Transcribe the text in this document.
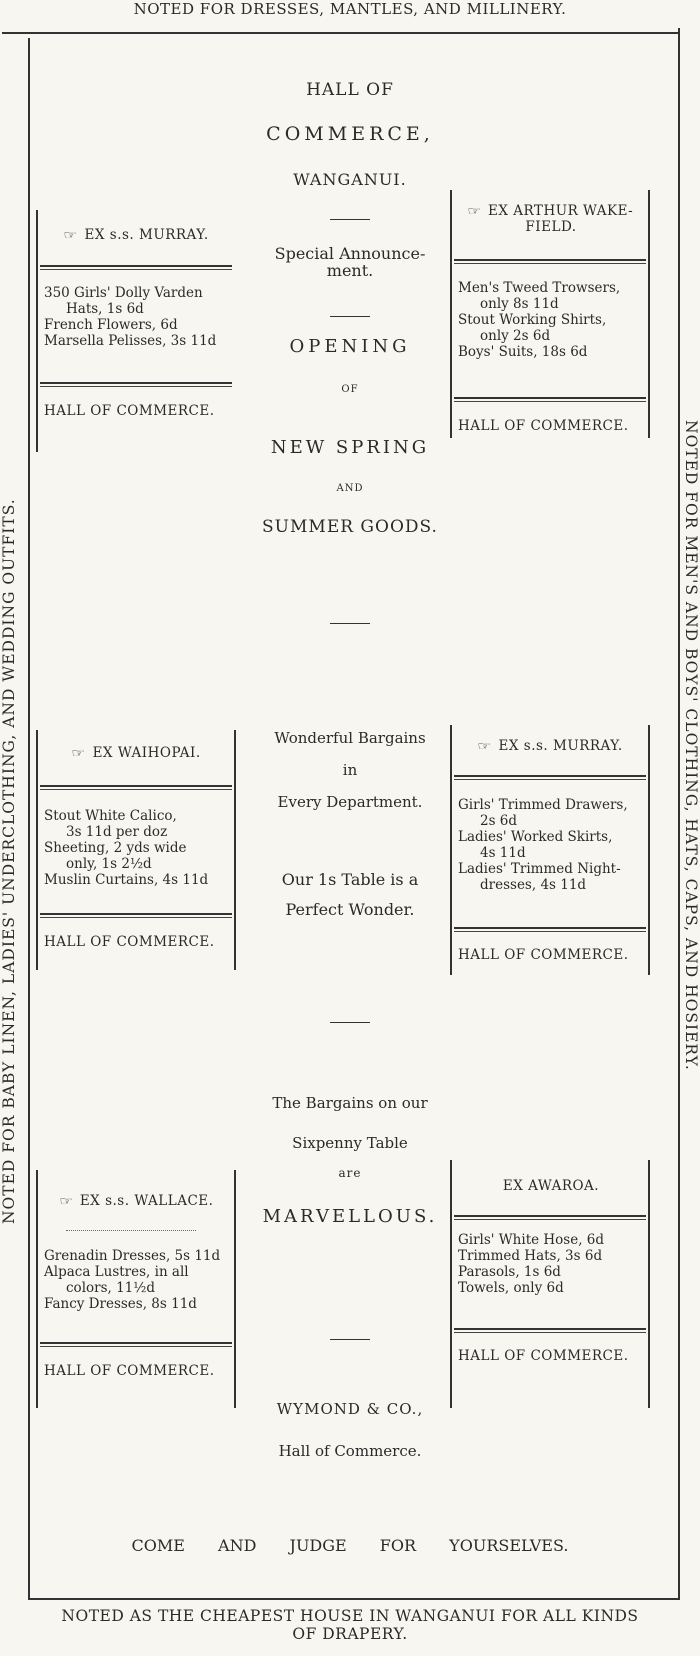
NOTED FOR DRESSES, MANTLES, AND MILLINERY.
NOTED FOR BABY LINEN, LADIES' UNDERCLOTHING, AND WEDDING OUTFITS.	NOTED FOR MEN'S AND BOYS' CLOTHING, HATS, CAPS, AND HOSIERY.
NOTED AS THE CHEAPEST HOUSE IN WANGANUI FOR ALL KINDS
OF DRAPERY.
HALL OF
COMMERCE,
WANGANUI.
Special Announce-
ment.
OPENING
OF
NEW SPRING
AND
SUMMER GOODS.
Wonderful Bargains
in
Every Department.
Our 1s Table is a
Perfect Wonder.
The Bargains on our
Sixpenny Table
are
MARVELLOUS.
WYMOND & CO.,
Hall of Commerce.
COME AND JUDGE FOR YOURSELVES.
☞ EX s.s. MURRAY.
350 Girls' Dolly Varden
Hats, 1s 6d
French Flowers, 6d
Marsella Pelisses, 3s 11d
HALL OF COMMERCE.
☞ EX ARTHUR WAKE-
FIELD.
Men's Tweed Trowsers,
only 8s 11d
Stout Working Shirts,
only 2s 6d
Boys' Suits, 18s 6d
HALL OF COMMERCE.
☞ EX WAIHOPAI.
Stout White Calico,
3s 11d per doz
Sheeting, 2 yds wide
only, 1s 2½d
Muslin Curtains, 4s 11d
HALL OF COMMERCE.
☞ EX s.s. MURRAY.
Girls' Trimmed Drawers,
2s 6d
Ladies' Worked Skirts,
4s 11d
Ladies' Trimmed Night-
dresses, 4s 11d
HALL OF COMMERCE.
☞ EX s.s. WALLACE.
Grenadin Dresses, 5s 11d
Alpaca Lustres, in all
colors, 11½d
Fancy Dresses, 8s 11d
HALL OF COMMERCE.
EX AWAROA.
Girls' White Hose, 6d
Trimmed Hats, 3s 6d
Parasols, 1s 6d
Towels, only 6d
HALL OF COMMERCE.
